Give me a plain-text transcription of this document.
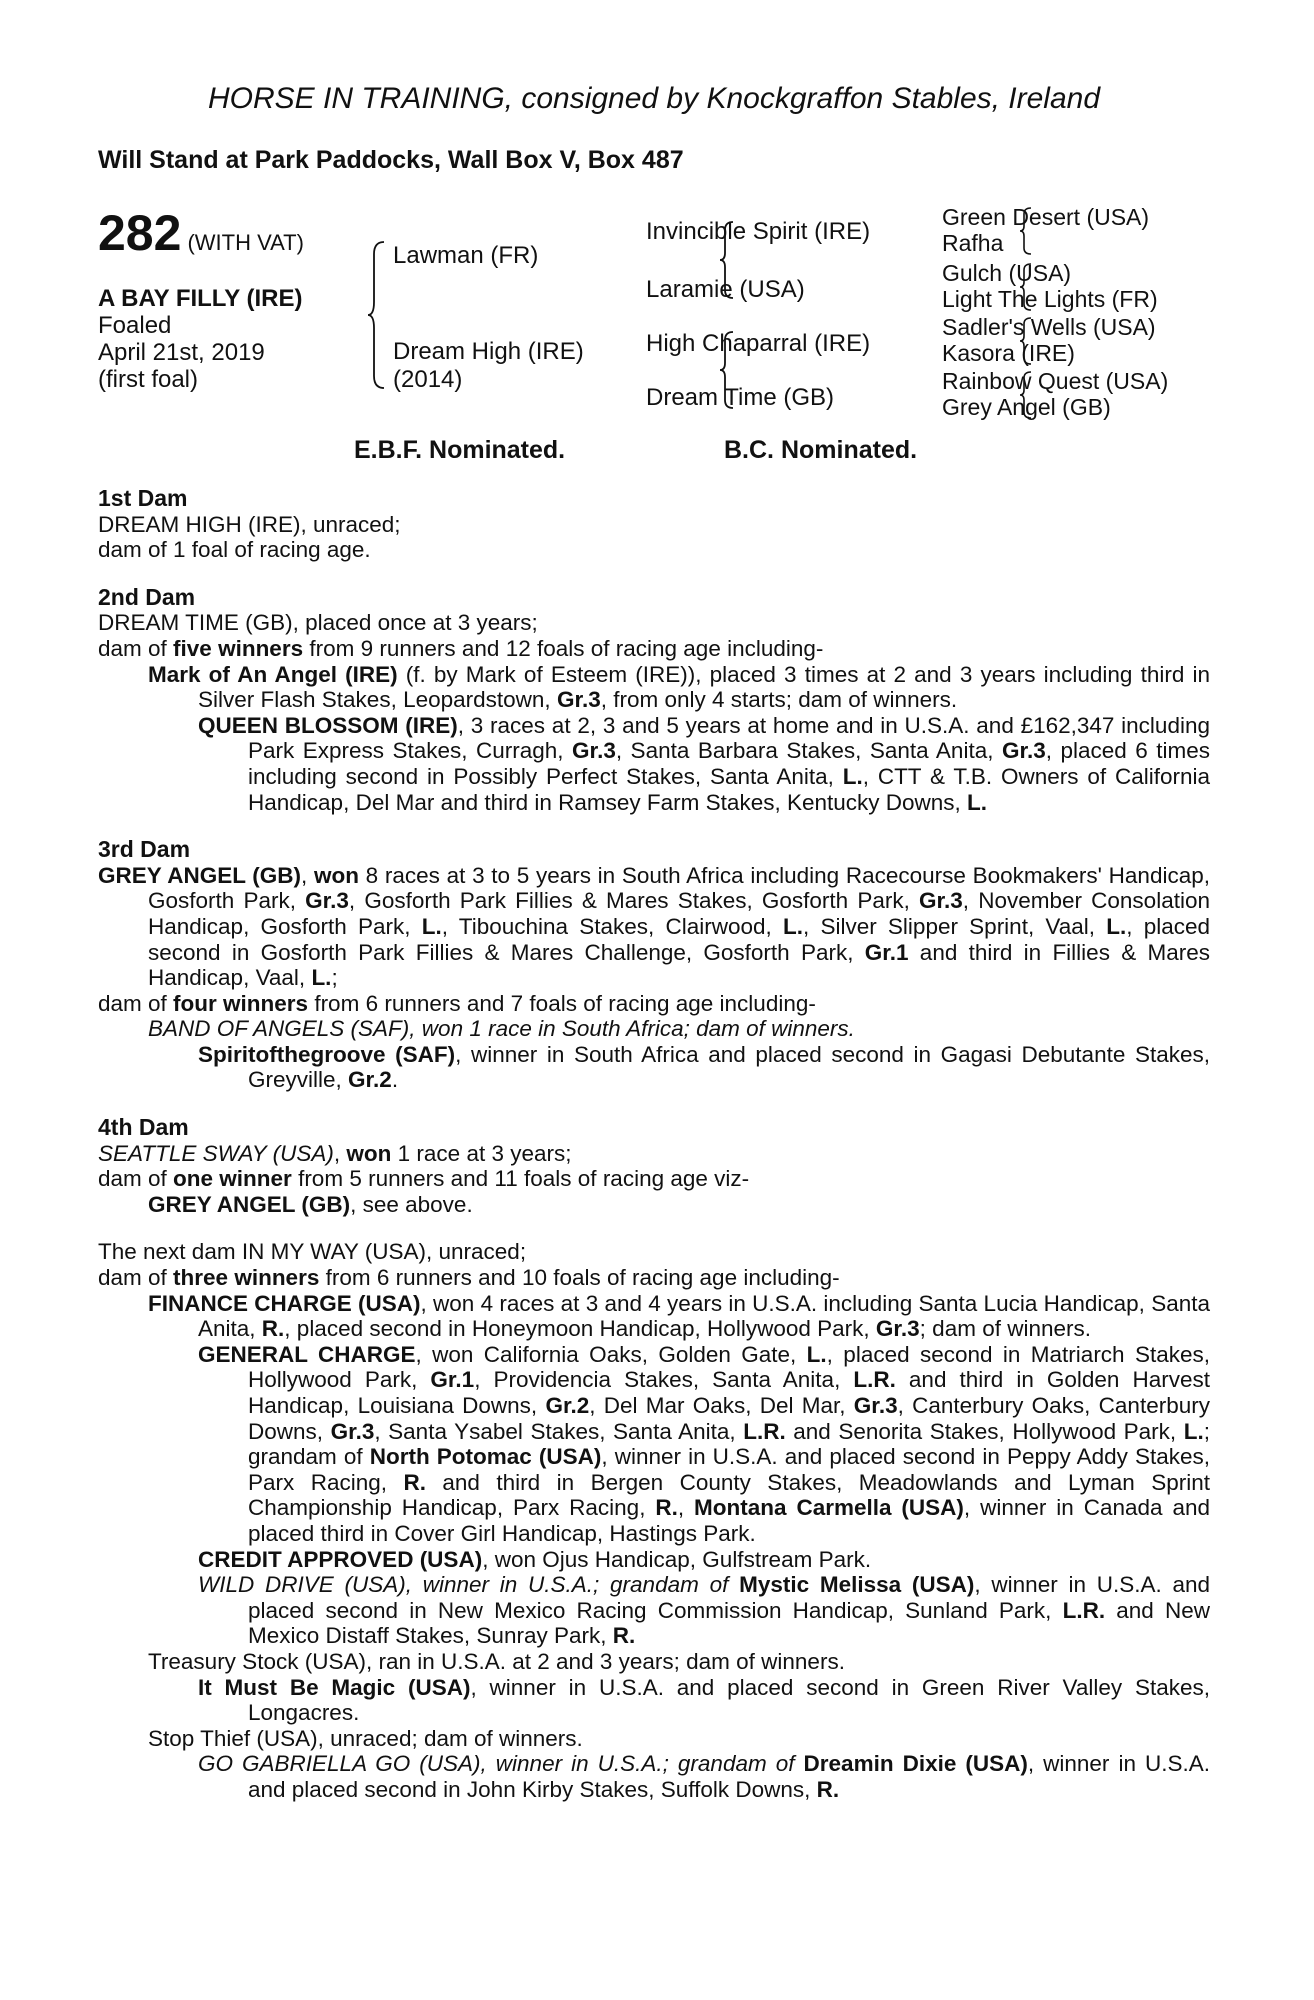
HORSE IN TRAINING, consigned by Knockgraffon Stables, Ireland
Will Stand at Park Paddocks, Wall Box V, Box 487
282 (WITH VAT)
A BAY FILLY (IRE)
Foaled
April 21st, 2019
(first foal)
Lawman (FR)
Dream High (IRE)
(2014)
Invincible Spirit (IRE)
Laramie (USA)
High Chaparral (IRE)
Dream Time (GB)
Green Desert (USA)
Rafha
Gulch (USA)
Light The Lights (FR)
Sadler's Wells (USA)
Kasora (IRE)
Rainbow Quest (USA)
Grey Angel (GB)
E.B.F. Nominated.	B.C. Nominated.
1st Dam
DREAM HIGH (IRE), unraced;
dam of 1 foal of racing age.
2nd Dam
DREAM TIME (GB), placed once at 3 years;
dam of five winners from 9 runners and 12 foals of racing age including-
Mark of An Angel (IRE) (f. by Mark of Esteem (IRE)), placed 3 times at 2 and 3 years including third in Silver Flash Stakes, Leopardstown, Gr.3, from only 4 starts; dam of winners.
QUEEN BLOSSOM (IRE), 3 races at 2, 3 and 5 years at home and in U.S.A. and £162,347 including Park Express Stakes, Curragh, Gr.3, Santa Barbara Stakes, Santa Anita, Gr.3, placed 6 times including second in Possibly Perfect Stakes, Santa Anita, L., CTT & T.B. Owners of California Handicap, Del Mar and third in Ramsey Farm Stakes, Kentucky Downs, L.
3rd Dam
GREY ANGEL (GB), won 8 races at 3 to 5 years in South Africa including Racecourse Bookmakers' Handicap, Gosforth Park, Gr.3, Gosforth Park Fillies & Mares Stakes, Gosforth Park, Gr.3, November Consolation Handicap, Gosforth Park, L., Tibouchina Stakes, Clairwood, L., Silver Slipper Sprint, Vaal, L., placed second in Gosforth Park Fillies & Mares Challenge, Gosforth Park, Gr.1 and third in Fillies & Mares Handicap, Vaal, L.;
dam of four winners from 6 runners and 7 foals of racing age including-
BAND OF ANGELS (SAF), won 1 race in South Africa; dam of winners.
Spiritofthegroove (SAF), winner in South Africa and placed second in Gagasi Debutante Stakes, Greyville, Gr.2.
4th Dam
SEATTLE SWAY (USA), won 1 race at 3 years;
dam of one winner from 5 runners and 11 foals of racing age viz-
GREY ANGEL (GB), see above.
The next dam IN MY WAY (USA), unraced;
dam of three winners from 6 runners and 10 foals of racing age including-
FINANCE CHARGE (USA), won 4 races at 3 and 4 years in U.S.A. including Santa Lucia Handicap, Santa Anita, R., placed second in Honeymoon Handicap, Hollywood Park, Gr.3; dam of winners.
GENERAL CHARGE, won California Oaks, Golden Gate, L., placed second in Matriarch Stakes, Hollywood Park, Gr.1, Providencia Stakes, Santa Anita, L.R. and third in Golden Harvest Handicap, Louisiana Downs, Gr.2, Del Mar Oaks, Del Mar, Gr.3, Canterbury Oaks, Canterbury Downs, Gr.3, Santa Ysabel Stakes, Santa Anita, L.R. and Senorita Stakes, Hollywood Park, L.; grandam of North Potomac (USA), winner in U.S.A. and placed second in Peppy Addy Stakes, Parx Racing, R. and third in Bergen County Stakes, Meadowlands and Lyman Sprint Championship Handicap, Parx Racing, R., Montana Carmella (USA), winner in Canada and placed third in Cover Girl Handicap, Hastings Park.
CREDIT APPROVED (USA), won Ojus Handicap, Gulfstream Park.
WILD DRIVE (USA), winner in U.S.A.; grandam of Mystic Melissa (USA), winner in U.S.A. and placed second in New Mexico Racing Commission Handicap, Sunland Park, L.R. and New Mexico Distaff Stakes, Sunray Park, R.
Treasury Stock (USA), ran in U.S.A. at 2 and 3 years; dam of winners.
It Must Be Magic (USA), winner in U.S.A. and placed second in Green River Valley Stakes, Longacres.
Stop Thief (USA), unraced; dam of winners.
GO GABRIELLA GO (USA), winner in U.S.A.; grandam of Dreamin Dixie (USA), winner in U.S.A. and placed second in John Kirby Stakes, Suffolk Downs, R.
